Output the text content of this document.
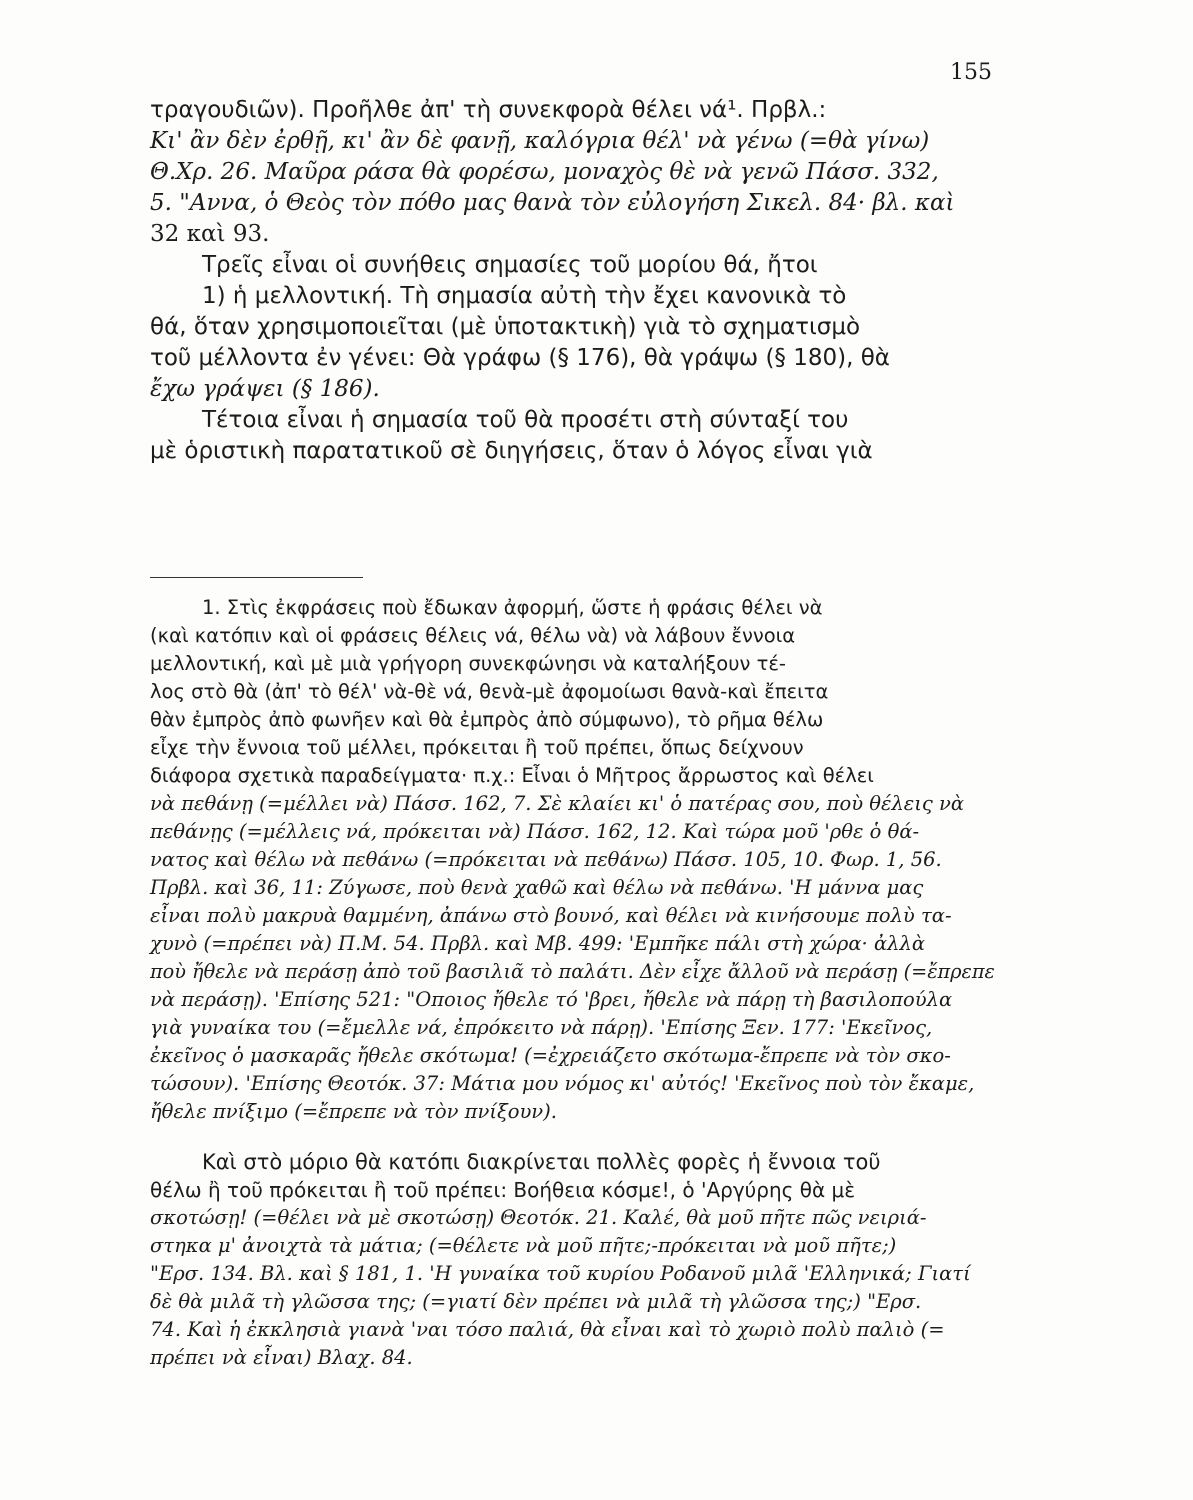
155
τραγουδιῶν). Προῆλθε ἀπ' τὴ συνεκφορὰ θέλει νά¹. Πρβλ.:
Κι' ἂν δὲν ἐρθῇ, κι' ἂν δὲ φανῇ, καλόγρια θέλ' νὰ γένω (=θὰ γίνω)
Θ.Χρ. 26. Μαῦρα ράσα θὰ φορέσω, μοναχὸς θὲ νὰ γενῶ Πάσσ. 332,
5. "Αννα, ὁ Θεὸς τὸν πόθο μας θανὰ τὸν εὐλογήση Σικελ. 84· βλ. καὶ
32 καὶ 93.
Τρεῖς εἶναι οἱ συνήθεις σημασίες τοῦ μορίου θά, ἤτοι
1) ἡ μελλοντική. Τὴ σημασία αὐτὴ τὴν ἔχει κανονικὰ τὸ
θά, ὅταν χρησιμοποιεῖται (μὲ ὑποτακτικὴ) γιὰ τὸ σχηματισμὸ
τοῦ μέλλοντα ἐν γένει: Θὰ γράφω (§ 176), θὰ γράψω (§ 180), θὰ
ἔχω γράψει (§ 186).
Τέτοια εἶναι ἡ σημασία τοῦ θὰ προσέτι στὴ σύνταξί του
μὲ ὁριστικὴ παρατατικοῦ σὲ διηγήσεις, ὅταν ὁ λόγος εἶναι γιὰ
1. Στὶς ἐκφράσεις ποὺ ἔδωκαν ἀφορμή, ὥστε ἡ φράσις θέλει νὰ
(καὶ κατόπιν καὶ οἱ φράσεις θέλεις νά, θέλω νὰ) νὰ λάβουν ἔννοια
μελλοντική, καὶ μὲ μιὰ γρήγορη συνεκφώνησι νὰ καταλήξουν τέ-
λος στὸ θὰ (ἀπ' τὸ θέλ' νὰ-θὲ νά, θενὰ-μὲ ἀφομοίωσι θανὰ-καὶ ἔπειτα
θὰν ἐμπρὸς ἀπὸ φωνῆεν καὶ θὰ ἐμπρὸς ἀπὸ σύμφωνο), τὸ ρῆμα θέλω
εἶχε τὴν ἔννοια τοῦ μέλλει, πρόκειται ἢ τοῦ πρέπει, ὅπως δείχνουν
διάφορα σχετικὰ παραδείγματα· π.χ.: Εἶναι ὁ Μῆτρος ἄρρωστος καὶ θέλει
νὰ πεθάνῃ (=μέλλει νὰ) Πάσσ. 162, 7. Σὲ κλαίει κι' ὁ πατέρας σου, ποὺ θέλεις νὰ
πεθάνῃς (=μέλλεις νά, πρόκειται νὰ) Πάσσ. 162, 12. Καὶ τώρα μοῦ 'ρθε ὁ θά-
νατος καὶ θέλω νὰ πεθάνω (=πρόκειται νὰ πεθάνω) Πάσσ. 105, 10. Φωρ. 1, 56.
Πρβλ. καὶ 36, 11: Ζύγωσε, ποὺ θενὰ χαθῶ καὶ θέλω νὰ πεθάνω. 'Η μάννα μας
εἶναι πολὺ μακρυὰ θαμμένη, ἀπάνω στὸ βουνό, καὶ θέλει νὰ κινήσουμε πολὺ τα-
χυνὸ (=πρέπει νὰ) Π.Μ. 54. Πρβλ. καὶ Μβ. 499: 'Εμπῆκε πάλι στὴ χώρα· ἀλλὰ
ποὺ ἤθελε νὰ περάσῃ ἀπὸ τοῦ βασιλιᾶ τὸ παλάτι. Δὲν εἶχε ἄλλοῦ νὰ περάσῃ (=ἔπρεπε
νὰ περάσῃ). 'Επίσης 521: "Οποιος ἤθελε τό 'βρει, ἤθελε νὰ πάρῃ τὴ βασιλοπούλα
γιὰ γυναίκα του (=ἔμελλε νά, ἐπρόκειτο νὰ πάρῃ). 'Επίσης Ξεν. 177: 'Εκεῖνος,
ἐκεῖνος ὁ μασκαρᾶς ἤθελε σκότωμα! (=ἐχρειάζετο σκότωμα-ἔπρεπε νὰ τὸν σκο-
τώσουν). 'Επίσης Θεοτόκ. 37: Μάτια μου νόμος κι' αὐτός! 'Εκεῖνος ποὺ τὸν ἔκαμε,
ἤθελε πνίξιμο (=ἔπρεπε νὰ τὸν πνίξουν).
Καὶ στὸ μόριο θὰ κατόπι διακρίνεται πολλὲς φορὲς ἡ ἔννοια τοῦ
θέλω ἢ τοῦ πρόκειται ἢ τοῦ πρέπει: Βοήθεια κόσμε!, ὁ 'Αργύρης θὰ μὲ
σκοτώσῃ! (=θέλει νὰ μὲ σκοτώσῃ) Θεοτόκ. 21. Καλέ, θὰ μοῦ πῆτε πῶς νειριά-
στηκα μ' ἀνοιχτὰ τὰ μάτια; (=θέλετε νὰ μοῦ πῆτε;-πρόκειται νὰ μοῦ πῆτε;)
"Ερσ. 134. Βλ. καὶ § 181, 1. 'Η γυναίκα τοῦ κυρίου Ροδανοῦ μιλᾶ 'Ελληνικά; Γιατί
δὲ θὰ μιλᾶ τὴ γλῶσσα της; (=γιατί δὲν πρέπει νὰ μιλᾶ τὴ γλῶσσα της;) "Ερσ.
74. Καὶ ἡ ἐκκλησιὰ γιανὰ 'ναι τόσο παλιά, θὰ εἶναι καὶ τὸ χωριὸ πολὺ παλιὸ (=
πρέπει νὰ εἶναι) Βλαχ. 84.
